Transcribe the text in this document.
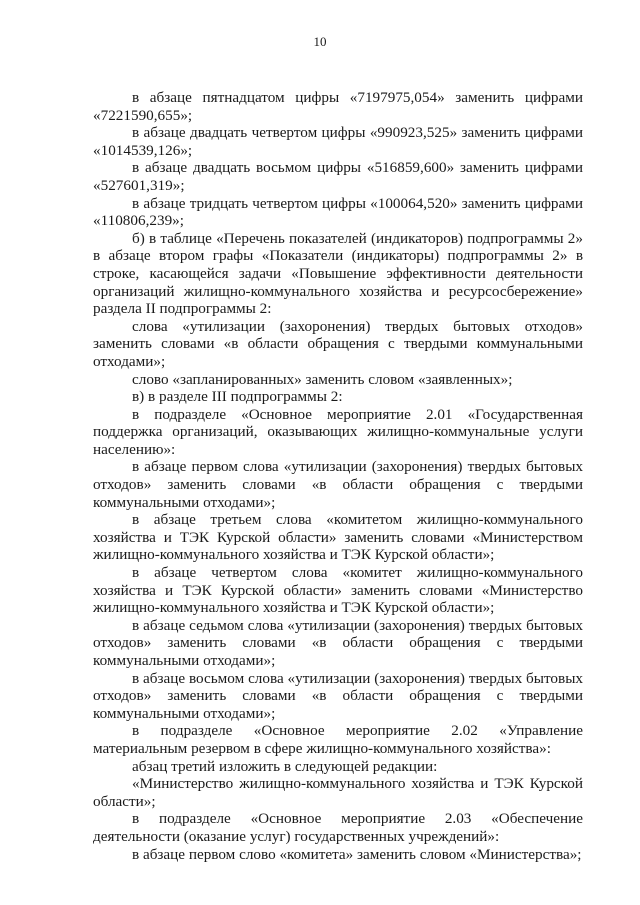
10

в абзаце пятнадцатом цифры «7197975,054» заменить цифрами «7221590,655»;

в абзаце двадцать четвертом цифры «990923,525» заменить цифрами «1014539,126»;

в абзаце двадцать восьмом цифры «516859,600» заменить цифрами «527601,319»;

в абзаце тридцать четвертом цифры «100064,520» заменить цифрами «110806,239»;

б) в таблице «Перечень показателей (индикаторов) подпрограммы 2» в абзаце втором графы «Показатели (индикаторы) подпрограммы 2» в строке, касающейся задачи «Повышение эффективности деятельности организаций жилищно-коммунального хозяйства и ресурсосбережение» раздела II подпрограммы 2:

слова «утилизации (захоронения) твердых бытовых отходов» заменить словами «в области обращения с твердыми коммунальными отходами»;

слово «запланированных» заменить словом «заявленных»;

в) в разделе III подпрограммы 2:

в подразделе «Основное мероприятие 2.01 «Государственная поддержка организаций, оказывающих жилищно-коммунальные услуги населению»:

в абзаце первом слова «утилизации (захоронения) твердых бытовых отходов» заменить словами «в области обращения с твердыми коммунальными отходами»;

в абзаце третьем слова «комитетом жилищно-коммунального хозяйства и ТЭК Курской области» заменить словами «Министерством жилищно-коммунального хозяйства и ТЭК Курской области»;

в абзаце четвертом слова «комитет жилищно-коммунального хозяйства и ТЭК Курской области» заменить словами «Министерство жилищно-коммунального хозяйства и ТЭК Курской области»;

в абзаце седьмом слова «утилизации (захоронения) твердых бытовых отходов» заменить словами «в области обращения с твердыми коммунальными отходами»;

в абзаце восьмом слова «утилизации (захоронения) твердых бытовых отходов» заменить словами «в области обращения с твердыми коммунальными отходами»;

в подразделе «Основное мероприятие 2.02 «Управление материальным резервом в сфере жилищно-коммунального хозяйства»:

абзац третий изложить в следующей редакции:

«Министерство жилищно-коммунального хозяйства и ТЭК Курской области»;

в подразделе «Основное мероприятие 2.03 «Обеспечение деятельности (оказание услуг) государственных учреждений»:

в абзаце первом слово «комитета» заменить словом «Министерства»;
